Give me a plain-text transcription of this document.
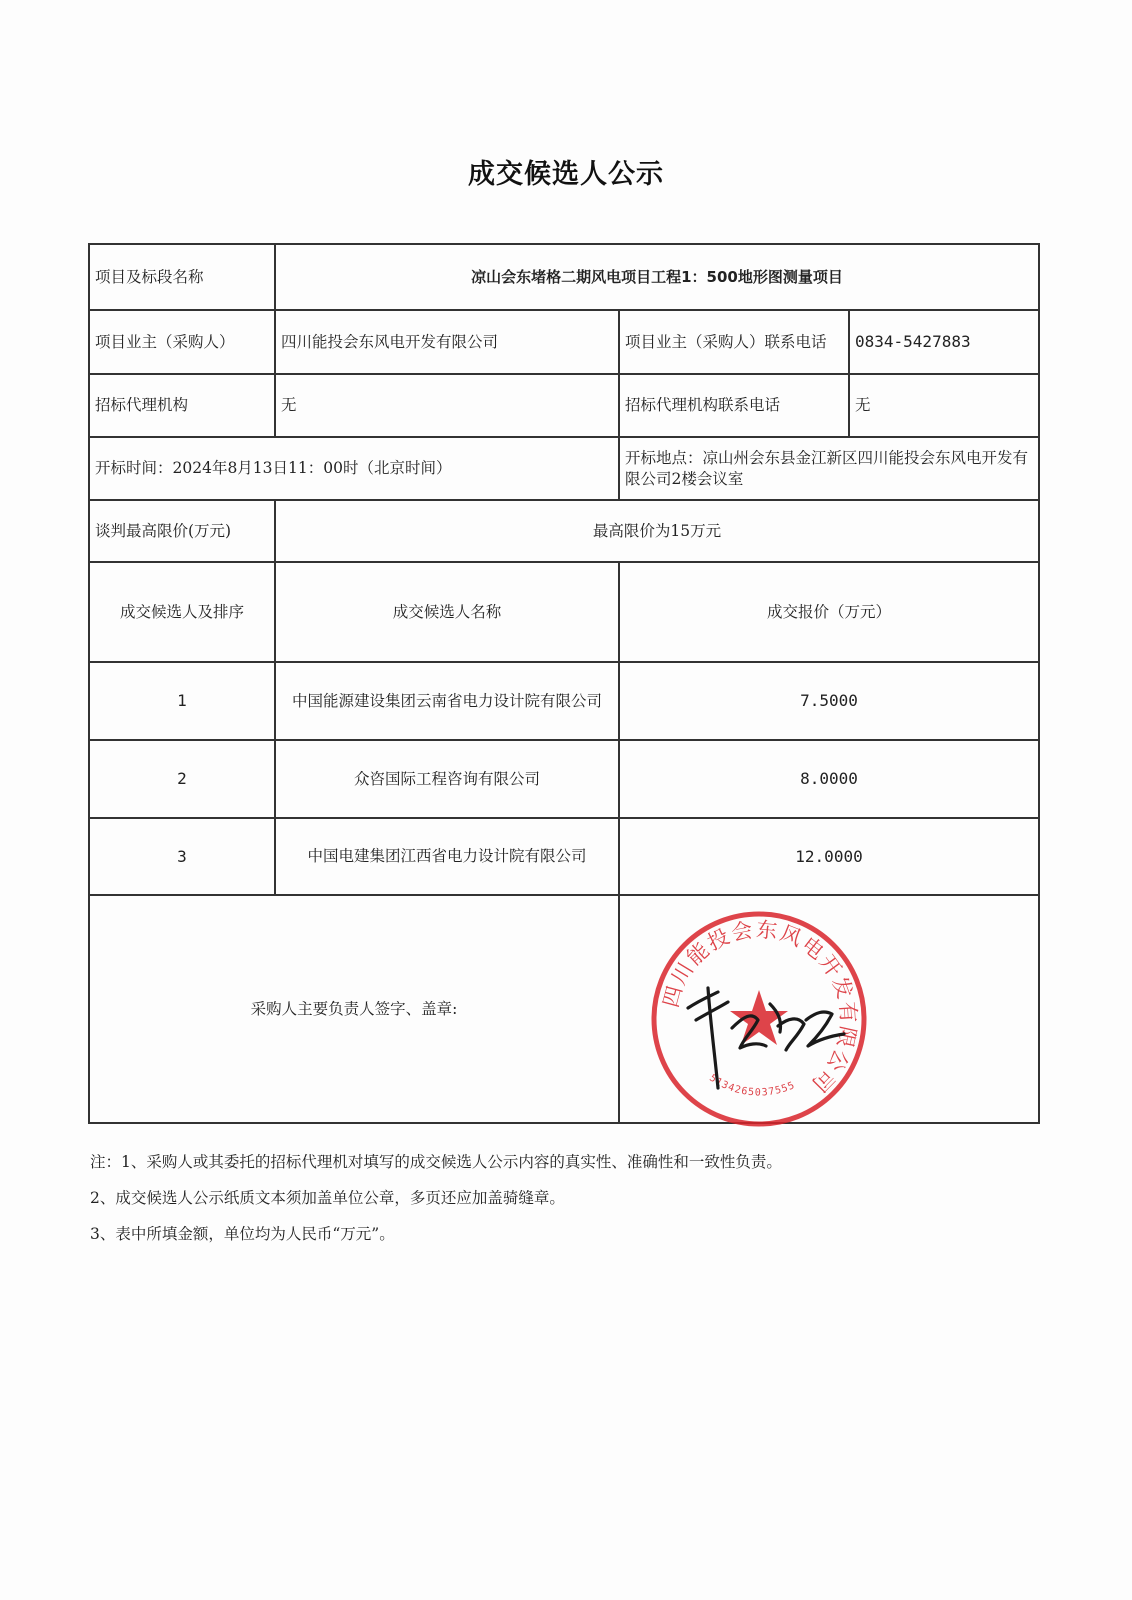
成交候选人公示
项目及标段名称	凉山会东堵格二期风电项目工程1：500地形图测量项目		
项目业主（采购人）	四川能投会东风电开发有限公司	项目业主（采购人）联系电话	0834-5427883
招标代理机构	无	招标代理机构联系电话	无
开标时间：2024年8月13日11：00时（北京时间）		开标地点：凉山州会东县金江新区四川能投会东风电开发有限公司2楼会议室	
谈判最高限价(万元)	最高限价为15万元		
成交候选人及排序	成交候选人名称	成交报价（万元）	
1	中国能源建设集团云南省电力设计院有限公司	7.5000	
2	众咨国际工程咨询有限公司	8.0000	
3	中国电建集团江西省电力设计院有限公司	12.0000	
采购人主要负责人签字、盖章:				四川能投会东风电开发有限公司
5134265037555
注：1、采购人或其委托的招标代理机对填写的成交候选人公示内容的真实性、准确性和一致性负责。
2、成交候选人公示纸质文本须加盖单位公章，多页还应加盖骑缝章。
3、表中所填金额，单位均为人民币“万元”。
